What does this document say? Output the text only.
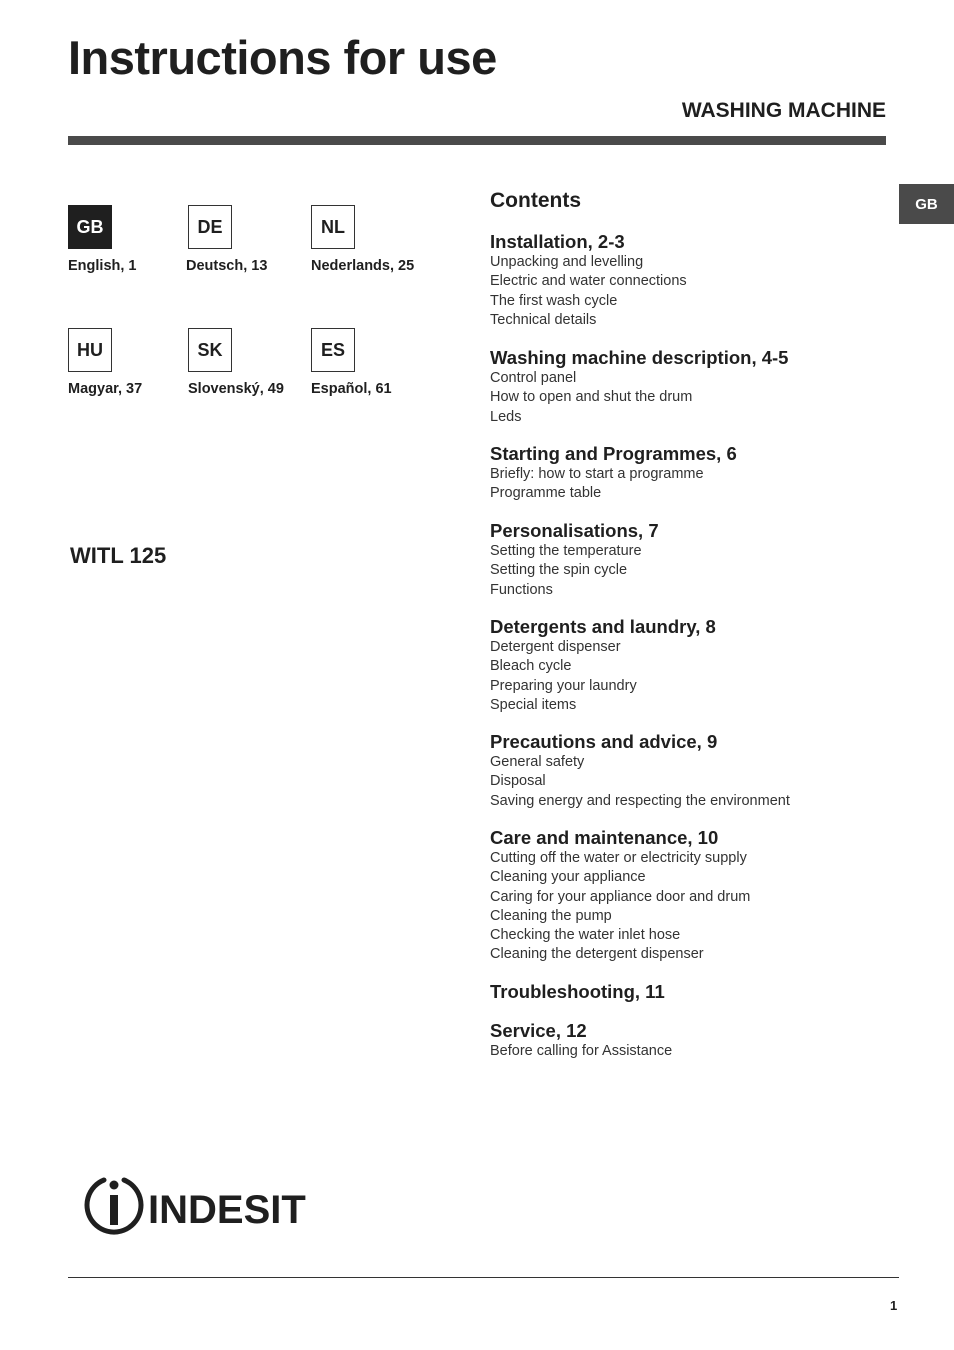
Instructions for use
WASHING MACHINE
GB
GB
English, 1
DE
Deutsch, 13
NL
Nederlands, 25
HU
Magyar, 37
SK
Slovenský, 49
ES
Español, 61
WITL 125
Contents
Installation, 2-3
Unpacking and levelling
Electric and water connections
The first wash cycle
Technical details
Washing machine description, 4-5
Control panel
How to open and shut the drum
Leds
Starting and Programmes, 6
Briefly: how to start a programme
Programme table
Personalisations, 7
Setting the temperature
Setting the spin cycle
Functions
Detergents and laundry, 8
Detergent dispenser
Bleach cycle
Preparing your laundry
Special items
Precautions and advice, 9
General safety
Disposal
Saving energy and respecting the environment
Care and maintenance, 10
Cutting off the water or electricity supply
Cleaning your appliance
Caring for your appliance door and drum
Cleaning the pump
Checking the water inlet hose
Cleaning the detergent dispenser
Troubleshooting, 11
Service, 12
Before calling for Assistance
INDESIT
1
